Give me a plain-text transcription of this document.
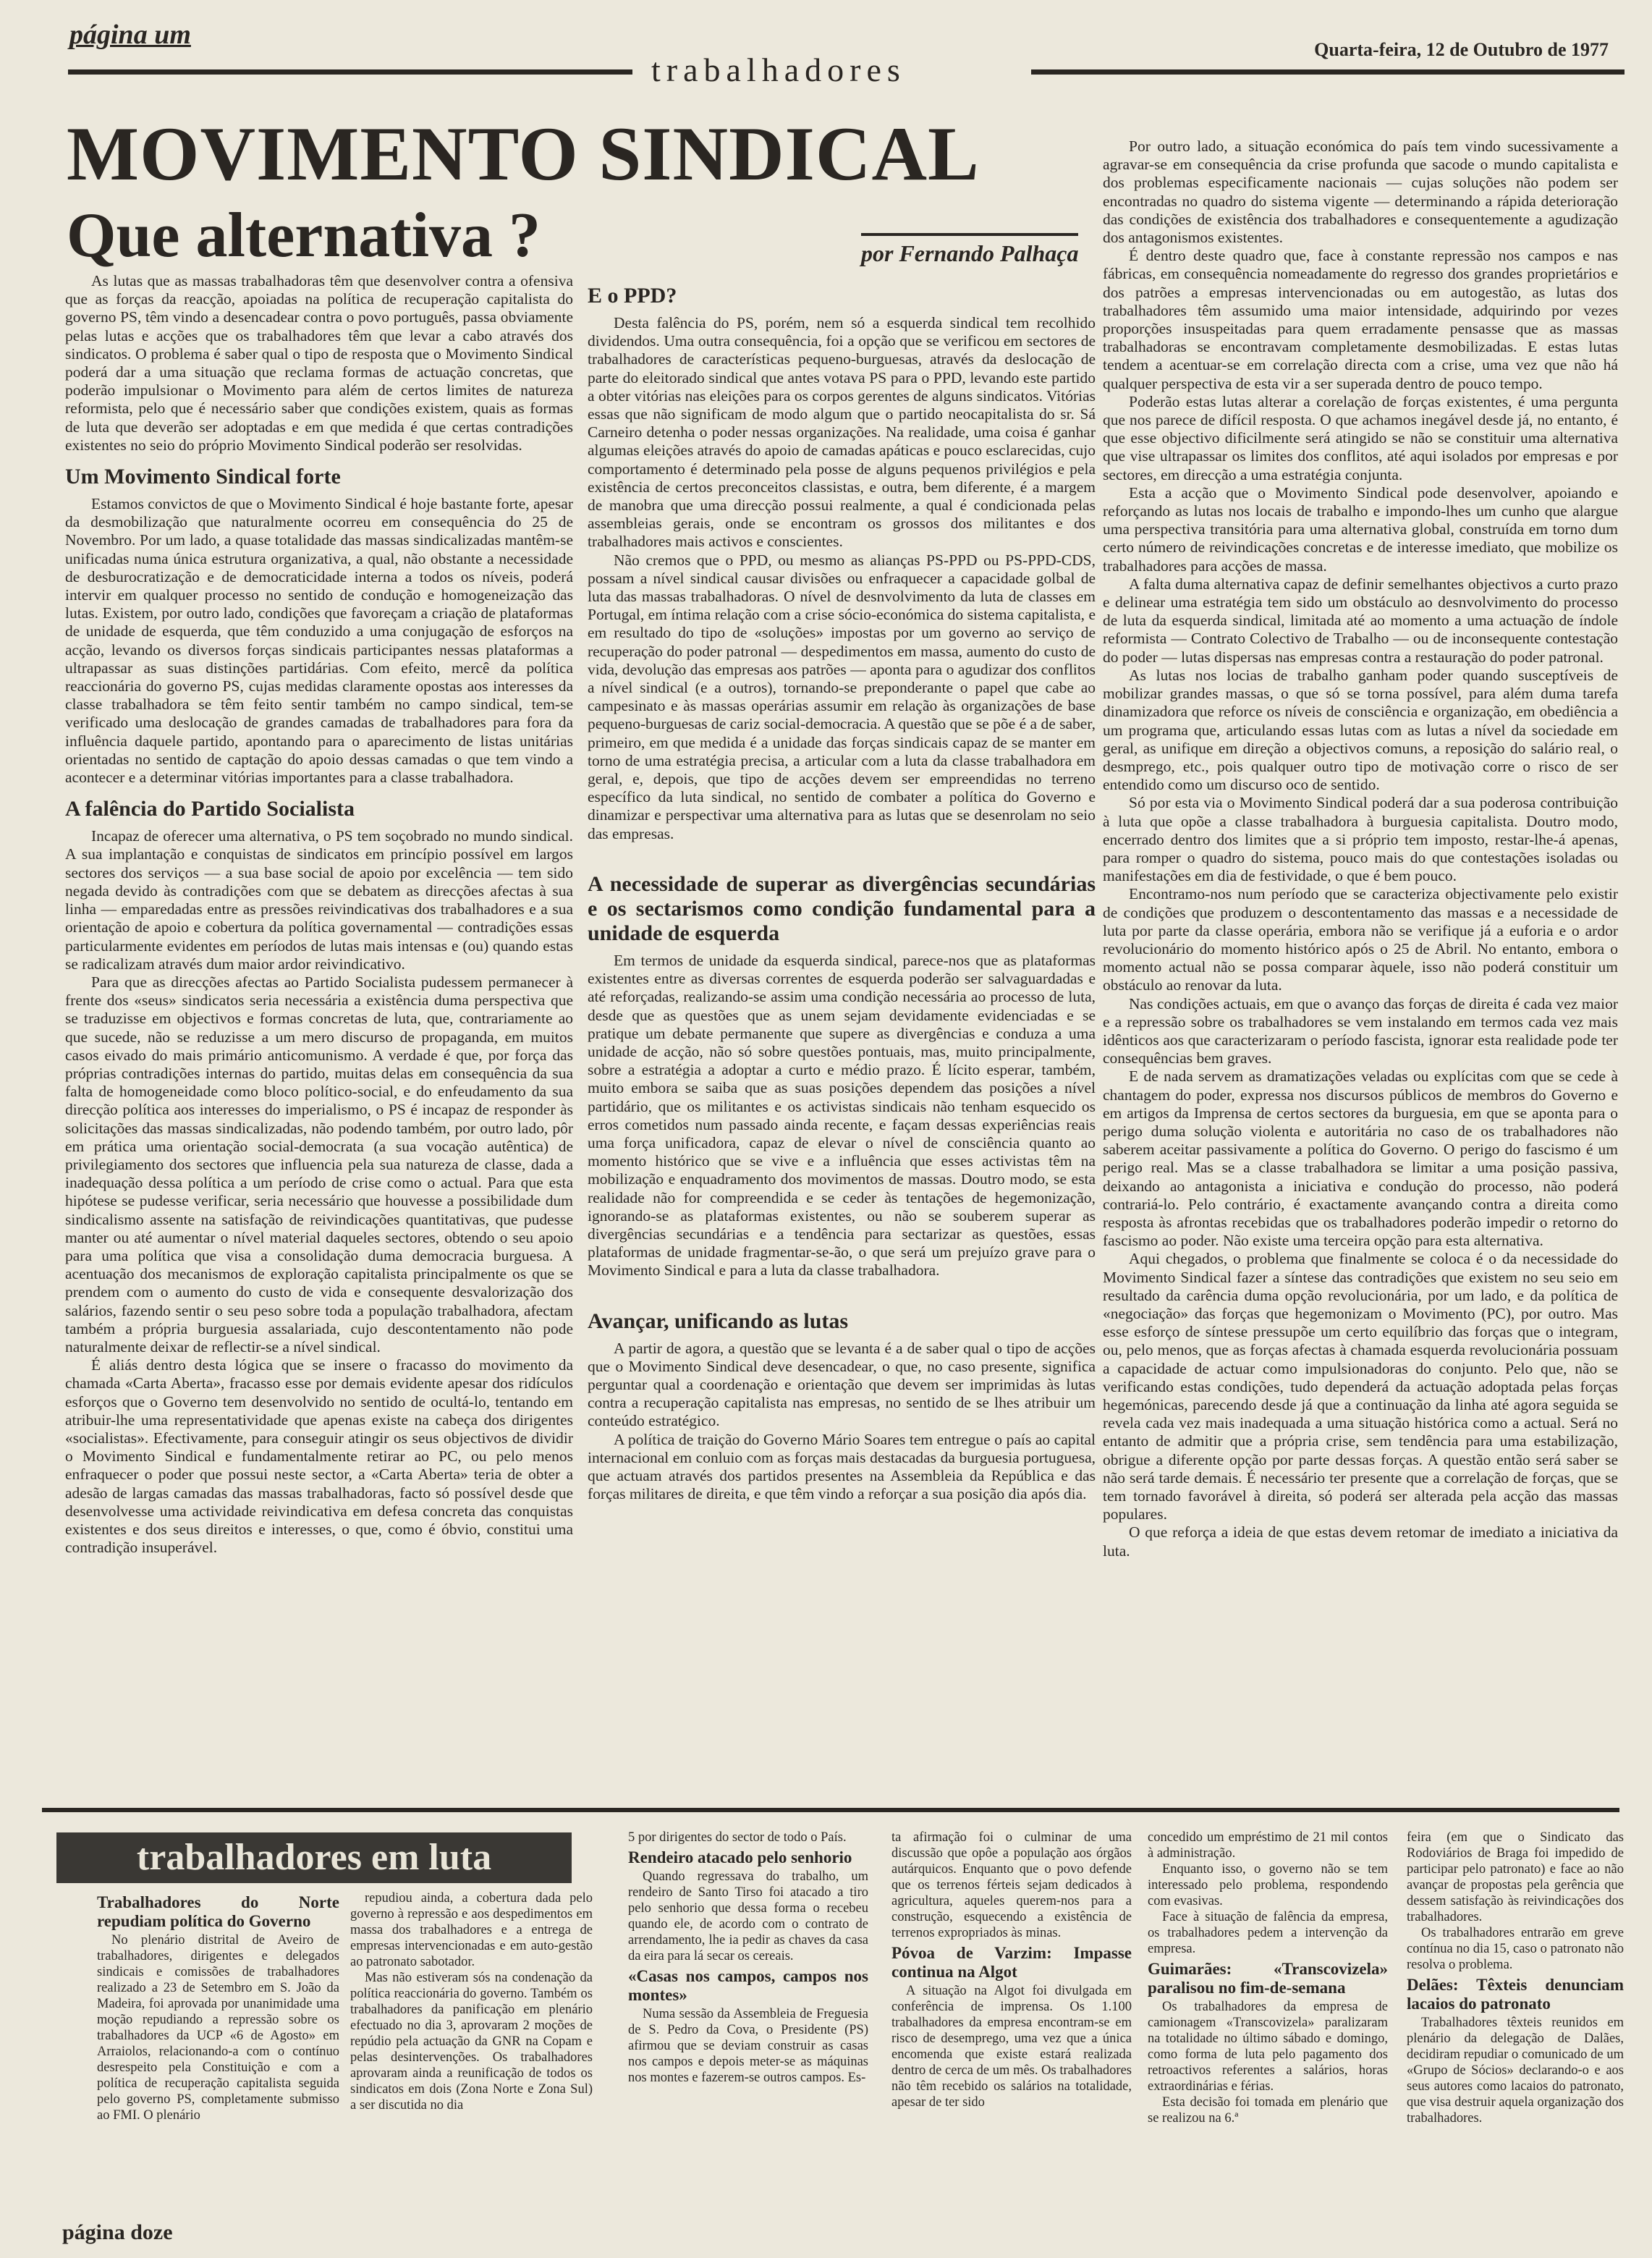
página um
trabalhadores
Quarta-feira, 12 de Outubro de 1977
MOVIMENTO SINDICAL
Que alternativa ?	por Fernando Palhaça

As lutas que as massas trabalhadoras têm que desenvolver contra a ofensiva que as forças da reacção, apoiadas na política de recuperação capitalista do governo PS, têm vindo a desencadear contra o povo português, passa obviamente pelas lutas e acções que os trabalhadores têm que levar a cabo através dos sindicatos. O problema é saber qual o tipo de resposta que o Movimento Sindical poderá dar a uma situação que reclama formas de actuação concretas, que poderão impulsionar o Movimento para além de certos limites de natureza reformista, pelo que é necessário saber que condições existem, quais as formas de luta que deverão ser adoptadas e em que medida é que certas contradições existentes no seio do próprio Movimento Sindical poderão ser resolvidas.

Um Movimento Sindical forte

Estamos convictos de que o Movimento Sindical é hoje bastante forte, apesar da desmobilização que naturalmente ocorreu em consequência do 25 de Novembro. Por um lado, a quase totalidade das massas sindicalizadas mantêm-se unificadas numa única estrutura organizativa, a qual, não obstante a necessidade de desburocratização e de democraticidade interna a todos os níveis, poderá intervir em qualquer processo no sentido de condução e homogeneização das lutas. Existem, por outro lado, condições que favoreçam a criação de plataformas de unidade de esquerda, que têm conduzido a uma conjugação de esforços na acção, levando os diversos forças sindicais participantes nessas plataformas a ultrapassar as suas distinções partidárias. Com efeito, mercê da política reaccionária do governo PS, cujas medidas claramente opostas aos interesses da classe trabalhadora se têm feito sentir também no campo sindical, tem-se verificado uma deslocação de grandes camadas de trabalhadores para fora da influência daquele partido, apontando para o aparecimento de listas unitárias orientadas no sentido de captação do apoio dessas camadas o que tem vindo a acontecer e a determinar vitórias importantes para a classe trabalhadora.

A falência do Partido Socialista

Incapaz de oferecer uma alternativa, o PS tem soçobrado no mundo sindical. A sua implantação e conquistas de sindicatos em princípio possível em largos sectores dos serviços — a sua base social de apoio por excelência — tem sido negada devido às contradições com que se debatem as direcções afectas à sua linha — emparedadas entre as pressões reivindicativas dos trabalhadores e a sua orientação de apoio e cobertura da política governamental — contradições essas particularmente evidentes em períodos de lutas mais intensas e (ou) quando estas se radicalizam através dum maior ardor reivindicativo.

Para que as direcções afectas ao Partido Socialista pudessem permanecer à frente dos «seus» sindicatos seria necessária a existência duma perspectiva que se traduzisse em objectivos e formas concretas de luta, que, contrariamente ao que sucede, não se reduzisse a um mero discurso de propaganda, em muitos casos eivado do mais primário anticomunismo. A verdade é que, por força das próprias contradições internas do partido, muitas delas em consequência da sua falta de homogeneidade como bloco político-social, e do enfeudamento da sua direcção política aos interesses do imperialismo, o PS é incapaz de responder às solicitações das massas sindicalizadas, não podendo também, por outro lado, pôr em prática uma orientação social-democrata (a sua vocação autêntica) de privilegiamento dos sectores que influencia pela sua natureza de classe, dada a inadequação dessa política a um período de crise como o actual. Para que esta hipótese se pudesse verificar, seria necessário que houvesse a possibilidade dum sindicalismo assente na satisfação de reivindicações quantitativas, que pudesse manter ou até aumentar o nível material daqueles sectores, obtendo o seu apoio para uma política que visa a consolidação duma democracia burguesa. A acentuação dos mecanismos de exploração capitalista principalmente os que se prendem com o aumento do custo de vida e consequente desvalorização dos salários, fazendo sentir o seu peso sobre toda a população trabalhadora, afectam também a própria burguesia assalariada, cujo descontentamento não pode naturalmente deixar de reflectir-se a nível sindical.

É aliás dentro desta lógica que se insere o fracasso do movimento da chamada «Carta Aberta», fracasso esse por demais evidente apesar dos ridículos esforços que o Governo tem desenvolvido no sentido de ocultá-lo, tentando em atribuir-lhe uma representatividade que apenas existe na cabeça dos dirigentes «socialistas». Efectivamente, para conseguir atingir os seus objectivos de dividir o Movimento Sindical e fundamentalmente retirar ao PC, ou pelo menos enfraquecer o poder que possui neste sector, a «Carta Aberta» teria de obter a adesão de largas camadas das massas trabalhadoras, facto só possível desde que desenvolvesse uma actividade reivindicativa em defesa concreta das conquistas existentes e dos seus direitos e interesses, o que, como é óbvio, constitui uma contradição insuperável.

E o PPD?

Desta falência do PS, porém, nem só a esquerda sindical tem recolhido dividendos. Uma outra consequência, foi a opção que se verificou em sectores de trabalhadores de características pequeno-burguesas, através da deslocação de parte do eleitorado sindical que antes votava PS para o PPD, levando este partido a obter vitórias nas eleições para os corpos gerentes de alguns sindicatos. Vitórias essas que não significam de modo algum que o partido neocapitalista do sr. Sá Carneiro detenha o poder nessas organizações. Na realidade, uma coisa é ganhar algumas eleições através do apoio de camadas apáticas e pouco esclarecidas, cujo comportamento é determinado pela posse de alguns pequenos privilégios e pela existência de certos preconceitos classistas, e outra, bem diferente, é a margem de manobra que uma direcção possui realmente, a qual é condicionada pelas assembleias gerais, onde se encontram os grossos dos militantes e dos trabalhadores mais activos e conscientes.

Não cremos que o PPD, ou mesmo as alianças PS-PPD ou PS-PPD-CDS, possam a nível sindical causar divisões ou enfraquecer a capacidade golbal de luta das massas trabalhadoras. O nível de desnvolvimento da luta de classes em Portugal, em íntima relação com a crise sócio-económica do sistema capitalista, e em resultado do tipo de «soluções» impostas por um governo ao serviço de recuperação do poder patronal — despedimentos em massa, aumento do custo de vida, devolução das empresas aos patrões — aponta para o agudizar dos conflitos a nível sindical (e a outros), tornando-se preponderante o papel que cabe ao campesinato e às massas operárias assumir em relação às organizações de base pequeno-burguesas de cariz social-democracia. A questão que se põe é a de saber, primeiro, em que medida é a unidade das forças sindicais capaz de se manter em torno de uma estratégia precisa, a articular com a luta da classe trabalhadora em geral, e, depois, que tipo de acções devem ser empreendidas no terreno específico da luta sindical, no sentido de combater a política do Governo e dinamizar e perspectivar uma alternativa para as lutas que se desenrolam no seio das empresas.

A necessidade de superar as divergências secundárias e os sectarismos como condição fundamental para a unidade de esquerda

Em termos de unidade da esquerda sindical, parece-nos que as plataformas existentes entre as diversas correntes de esquerda poderão ser salvaguardadas e até reforçadas, realizando-se assim uma condição necessária ao processo de luta, desde que as questões que as unem sejam devidamente evidenciadas e se pratique um debate permanente que supere as divergências e conduza a uma unidade de acção, não só sobre questões pontuais, mas, muito principalmente, sobre a estratégia a adoptar a curto e médio prazo. É lícito esperar, também, muito embora se saiba que as suas posições dependem das posições a nível partidário, que os militantes e os activistas sindicais não tenham esquecido os erros cometidos num passado ainda recente, e façam dessas experiências reais uma força unificadora, capaz de elevar o nível de consciência quanto ao momento histórico que se vive e a influência que esses activistas têm na mobilização e enquadramento dos movimentos de massas. Doutro modo, se esta realidade não for compreendida e se ceder às tentações de hegemonização, ignorando-se as plataformas existentes, ou não se souberem superar as divergências secundárias e a tendência para sectarizar as questões, essas plataformas de unidade fragmentar-se-ão, o que será um prejuízo grave para o Movimento Sindical e para a luta da classe trabalhadora.

Avançar, unificando as lutas

A partir de agora, a questão que se levanta é a de saber qual o tipo de acções que o Movimento Sindical deve desencadear, o que, no caso presente, significa perguntar qual a coordenação e orientação que devem ser imprimidas às lutas contra a recuperação capitalista nas empresas, no sentido de se lhes atribuir um conteúdo estratégico.

A política de traição do Governo Mário Soares tem entregue o país ao capital internacional em conluio com as forças mais destacadas da burguesia portuguesa, que actuam através dos partidos presentes na Assembleia da República e das forças militares de direita, e que têm vindo a reforçar a sua posição dia após dia.

Por outro lado, a situação económica do país tem vindo sucessivamente a agravar-se em consequência da crise profunda que sacode o mundo capitalista e dos problemas especificamente nacionais — cujas soluções não podem ser encontradas no quadro do sistema vigente — determinando a rápida deterioração das condições de existência dos trabalhadores e consequentemente a agudização dos antagonismos existentes.

É dentro deste quadro que, face à constante repressão nos campos e nas fábricas, em consequência nomeadamente do regresso dos grandes proprietários e dos patrões a empresas intervencionadas ou em autogestão, as lutas dos trabalhadores têm assumido uma maior intensidade, adquirindo por vezes proporções insuspeitadas para quem erradamente pensasse que as massas trabalhadoras se encontravam completamente desmobilizadas. E estas lutas tendem a acentuar-se em correlação directa com a crise, uma vez que não há qualquer perspectiva de esta vir a ser superada dentro de pouco tempo.

Poderão estas lutas alterar a corelação de forças existentes, é uma pergunta que nos parece de difícil resposta. O que achamos inegável desde já, no entanto, é que esse objectivo dificilmente será atingido se não se constituir uma alternativa que vise ultrapassar os limites dos conflitos, até aqui isolados por empresas e por sectores, em direcção a uma estratégia conjunta.

Esta a acção que o Movimento Sindical pode desenvolver, apoiando e reforçando as lutas nos locais de trabalho e impondo-lhes um cunho que alargue uma perspectiva transitória para uma alternativa global, construída em torno dum certo número de reivindicações concretas e de interesse imediato, que mobilize os trabalhadores para acções de massa.

A falta duma alternativa capaz de definir semelhantes objectivos a curto prazo e delinear uma estratégia tem sido um obstáculo ao desnvolvimento do processo de luta da esquerda sindical, limitada até ao momento a uma actuação de índole reformista — Contrato Colectivo de Trabalho — ou de inconsequente contestação do poder — lutas dispersas nas empresas contra a restauração do poder patronal.

As lutas nos locias de trabalho ganham poder quando susceptíveis de mobilizar grandes massas, o que só se torna possível, para além duma tarefa dinamizadora que reforce os níveis de consciência e organização, em obediência a um programa que, articulando essas lutas com as lutas a nível da sociedade em geral, as unifique em direção a objectivos comuns, a reposição do salário real, o desmprego, etc., pois qualquer outro tipo de motivação corre o risco de ser entendido como um discurso oco de sentido.

Só por esta via o Movimento Sindical poderá dar a sua poderosa contribuição à luta que opõe a classe trabalhadora à burguesia capitalista. Doutro modo, encerrado dentro dos limites que a si próprio tem imposto, restar-lhe-á apenas, para romper o quadro do sistema, pouco mais do que contestações isoladas ou manifestações em dia de festividade, o que é bem pouco.

Encontramo-nos num período que se caracteriza objectivamente pelo existir de condições que produzem o descontentamento das massas e a necessidade de luta por parte da classe operária, embora não se verifique já a euforia e o ardor revolucionário do momento histórico após o 25 de Abril. No entanto, embora o momento actual não se possa comparar àquele, isso não poderá constituir um obstáculo ao renovar da luta.

Nas condições actuais, em que o avanço das forças de direita é cada vez maior e a repressão sobre os trabalhadores se vem instalando em termos cada vez mais idênticos aos que caracterizaram o período fascista, ignorar esta realidade pode ter consequências bem graves.

E de nada servem as dramatizações veladas ou explícitas com que se cede à chantagem do poder, expressa nos discursos públicos de membros do Governo e em artigos da Imprensa de certos sectores da burguesia, em que se aponta para o perigo duma solução violenta e autoritária no caso de os trabalhadores não saberem aceitar passivamente a política do Governo. O perigo do fascismo é um perigo real. Mas se a classe trabalhadora se limitar a uma posição passiva, deixando ao antagonista a iniciativa e condução do processo, não poderá contrariá-lo. Pelo contrário, é exactamente avançando contra a direita como resposta às afrontas recebidas que os trabalhadores poderão impedir o retorno do fascismo ao poder. Não existe uma terceira opção para esta alternativa.

Aqui chegados, o problema que finalmente se coloca é o da necessidade do Movimento Sindical fazer a síntese das contradições que existem no seu seio em resultado da carência duma opção revolucionária, por um lado, e da política de «negociação» das forças que hegemonizam o Movimento (PC), por outro. Mas esse esforço de síntese pressupõe um certo equilíbrio das forças que o integram, ou, pelo menos, que as forças afectas à chamada esquerda revolucionária possuam a capacidade de actuar como impulsionadoras do conjunto. Pelo que, não se verificando estas condições, tudo dependerá da actuação adoptada pelas forças hegemónicas, parecendo desde já que a continuação da linha até agora seguida se revela cada vez mais inadequada a uma situação histórica como a actual. Será no entanto de admitir que a própria crise, sem tendência para uma estabilização, obrigue a diferente opção por parte dessas forças. A questão então será saber se não será tarde demais. É necessário ter presente que a correlação de forças, que se tem tornado favorável à direita, só poderá ser alterada pela acção das massas populares.

O que reforça a ideia de que estas devem retomar de imediato a iniciativa da luta.

trabalhadores em luta
Trabalhadores do Norte repudiam política do Governo

No plenário distrital de Aveiro de trabalhadores, dirigentes e delegados sindicais e comissões de trabalhadores realizado a 23 de Setembro em S. João da Madeira, foi aprovada por unanimidade uma moção repudiando a repressão sobre os trabalhadores da UCP «6 de Agosto» em Arraiolos, relacionando-a com o contínuo desrespeito pela Constituição e com a política de recuperação capitalista seguida pelo governo PS, completamente submisso ao FMI. O plenário

repudiou ainda, a cobertura dada pelo governo à repressão e aos despedimentos em massa dos trabalhadores e a entrega de empresas intervencionadas e em auto-gestão ao patronato sabotador.

Mas não estiveram sós na condenação da política reaccionária do governo. Também os trabalhadores da panificação em plenário efectuado no dia 3, aprovaram 2 moções de repúdio pela actuação da GNR na Copam e pelas desintervenções. Os trabalhadores aprovaram ainda a reunificação de todos os sindicatos em dois (Zona Norte e Zona Sul) a ser discutida no dia

5 por dirigentes do sector de todo o País.

Rendeiro atacado pelo senhorio

Quando regressava do trabalho, um rendeiro de Santo Tirso foi atacado a tiro pelo senhorio que dessa forma o recebeu quando ele, de acordo com o contrato de arrendamento, lhe ia pedir as chaves da casa da eira para lá secar os cereais.

«Casas nos campos, campos nos montes»

Numa sessão da Assembleia de Freguesia de S. Pedro da Cova, o Presidente (PS) afirmou que se deviam construir as casas nos campos e depois meter-se as máquinas nos montes e fazerem-se outros campos. Es-

ta afirmação foi o culminar de uma discussão que opôe a população aos órgãos autárquicos. Enquanto que o povo defende que os terrenos férteis sejam dedicados à agricultura, aqueles querem-nos para a construção, esquecendo a existência de terrenos expropriados às minas.

Póvoa de Varzim: Impasse continua na Algot

A situação na Algot foi divulgada em conferência de imprensa. Os 1.100 trabalhadores da empresa encontram-se em risco de desemprego, uma vez que a única encomenda que existe estará realizada dentro de cerca de um mês. Os trabalhadores não têm recebido os salários na totalidade, apesar de ter sido

concedido um empréstimo de 21 mil contos à administração.

Enquanto isso, o governo não se tem interessado pelo problema, respondendo com evasivas.

Face à situação de falência da empresa, os trabalhadores pedem a intervenção da empresa.

Guimarães: «Transcovizela» paralisou no fim-de-semana

Os trabalhadores da empresa de camionagem «Transcovizela» paralizaram na totalidade no último sábado e domingo, como forma de luta pelo pagamento dos retroactivos referentes a salários, horas extraordinárias e férias.

Esta decisão foi tomada em plenário que se realizou na 6.ª

feira (em que o Sindicato das Rodoviários de Braga foi impedido de participar pelo patronato) e face ao não avançar de propostas pela gerência que dessem satisfação às reivindicações dos trabalhadores.

Os trabalhadores entrarão em greve contínua no dia 15, caso o patronato não resolva o problema.

Delães: Têxteis denunciam lacaios do patronato

Trabalhadores têxteis reunidos em plenário da delegação de Dalães, decidiram repudiar o comunicado de um «Grupo de Sócios» declarando-o e aos seus autores como lacaios do patronato, que visa destruir aquela organização dos trabalhadores.

página doze
